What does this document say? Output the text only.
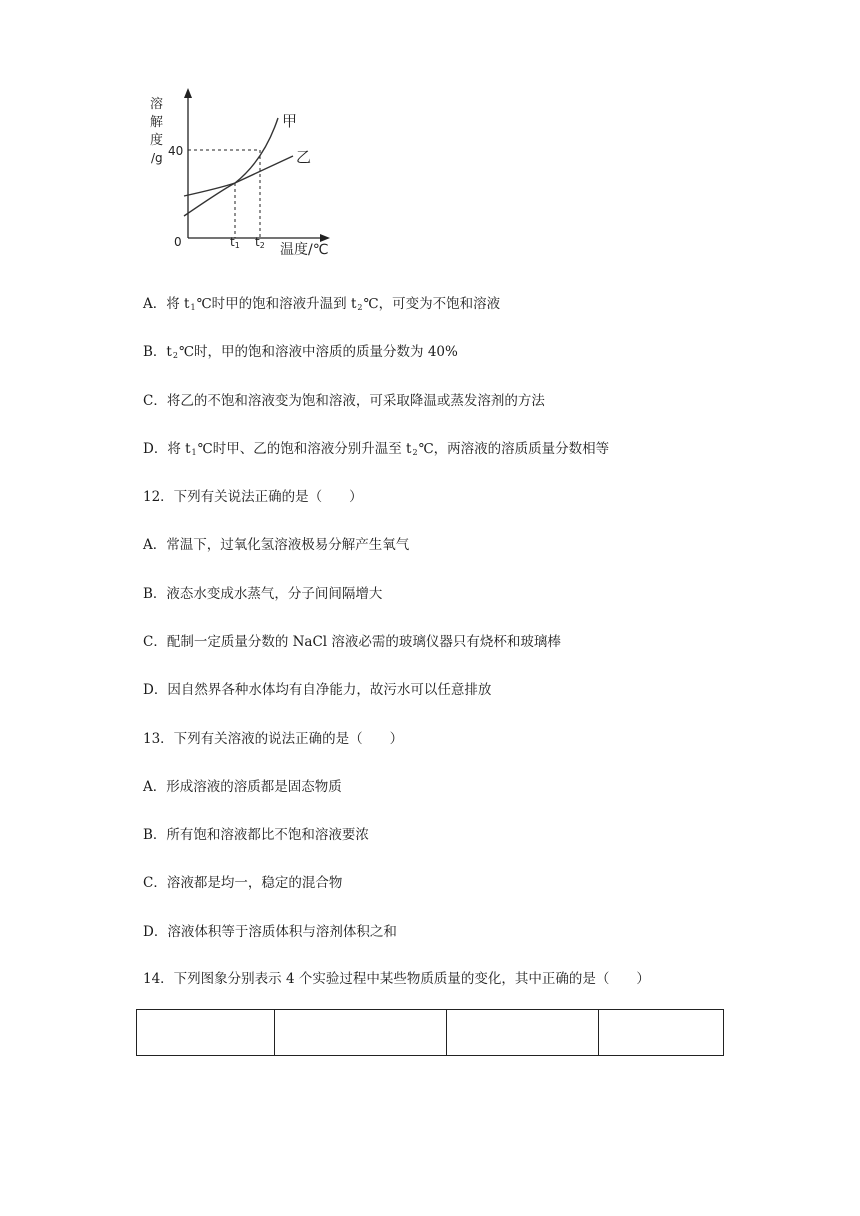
溶
解
度
/g 40
0	t1 t2 温度/℃
甲
乙
A．将 $t_1℃$时甲的饱和溶液升温到 $t_2℃$，可变为不饱和溶液
B．$t_2℃$时，甲的饱和溶液中溶质的质量分数为 40%
C．将乙的不饱和溶液变为饱和溶液，可采取降温或蒸发溶剂的方法
D．将 $t_1℃$时甲、乙的饱和溶液分别升温至 $t_2℃$，两溶液的溶质质量分数相等
12．下列有关说法正确的是（　　）
A．常温下，过氧化氢溶液极易分解产生氧气
B．液态水变成水蒸气，分子间间隔增大
C．配制一定质量分数的 NaCl 溶液必需的玻璃仪器只有烧杯和玻璃棒
D．因自然界各种水体均有自净能力，故污水可以任意排放
13．下列有关溶液的说法正确的是（　　）
A．形成溶液的溶质都是固态物质
B．所有饱和溶液都比不饱和溶液要浓
C．溶液都是均一，稳定的混合物
D．溶液体积等于溶质体积与溶剂体积之和
14．下列图象分别表示 4 个实验过程中某些物质质量的变化，其中正确的是（　　）
